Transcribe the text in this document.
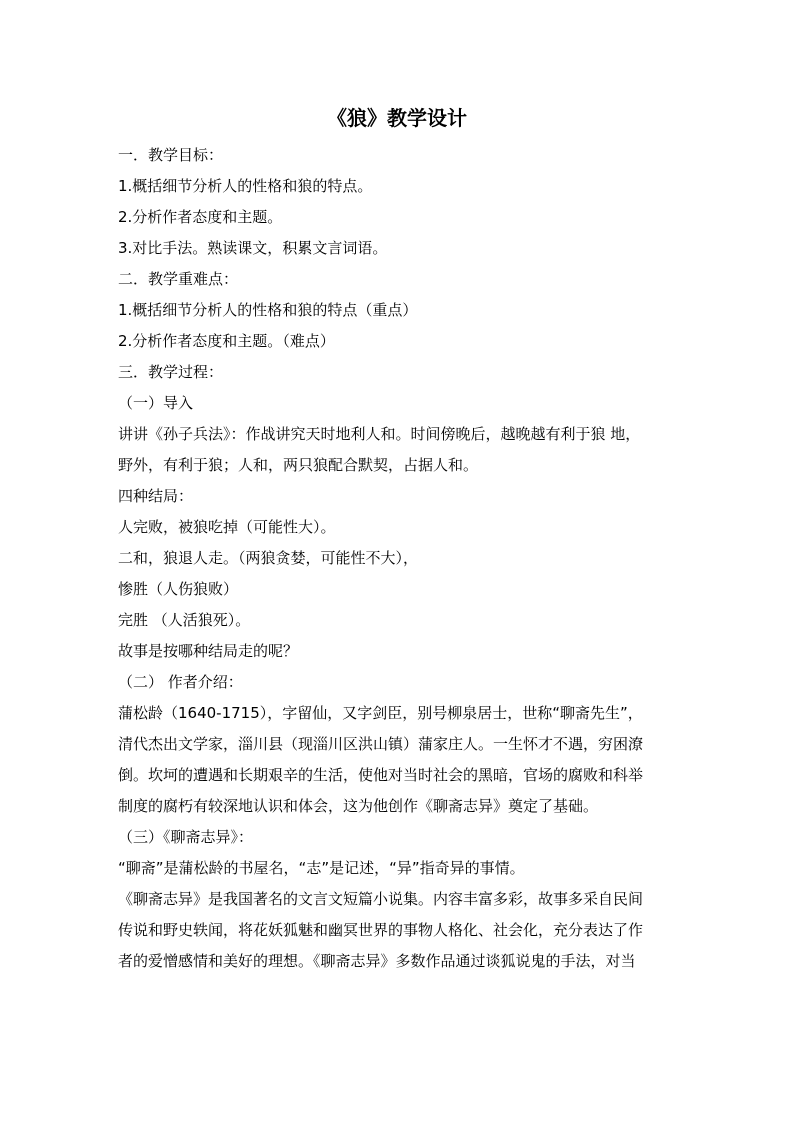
《狼》教学设计
一．教学目标：
1.概括细节分析人的性格和狼的特点。
2.分析作者态度和主题。
3.对比手法。熟读课文，积累文言词语。
二．教学重难点：
1.概括细节分析人的性格和狼的特点（重点）
2.分析作者态度和主题。（难点）
三．教学过程：
（一）导入
讲讲《孙子兵法》：作战讲究天时地利人和。时间傍晚后，越晚越有利于狼 地，
野外，有利于狼；人和，两只狼配合默契，占据人和。
四种结局：
人完败，被狼吃掉（可能性大）。
二和，狼退人走。（两狼贪婪，可能性不大），
惨胜（人伤狼败）
完胜 （人活狼死）。
故事是按哪种结局走的呢？
（二） 作者介绍：
蒲松龄（1640-1715），字留仙，又字剑臣，别号柳泉居士，世称“聊斋先生”，
清代杰出文学家，淄川县（现淄川区洪山镇）蒲家庄人。一生怀才不遇，穷困潦
倒。坎坷的遭遇和长期艰辛的生活，使他对当时社会的黑暗，官场的腐败和科举
制度的腐朽有较深地认识和体会，这为他创作《聊斋志异》奠定了基础。
（三）《聊斋志异》：
“聊斋”是蒲松龄的书屋名，“志”是记述，“异”指奇异的事情。
《聊斋志异》是我国著名的文言文短篇小说集。内容丰富多彩，故事多采自民间
传说和野史轶闻，将花妖狐魅和幽冥世界的事物人格化、社会化，充分表达了作
者的爱憎感情和美好的理想。《聊斋志异》多数作品通过谈狐说鬼的手法，对当
